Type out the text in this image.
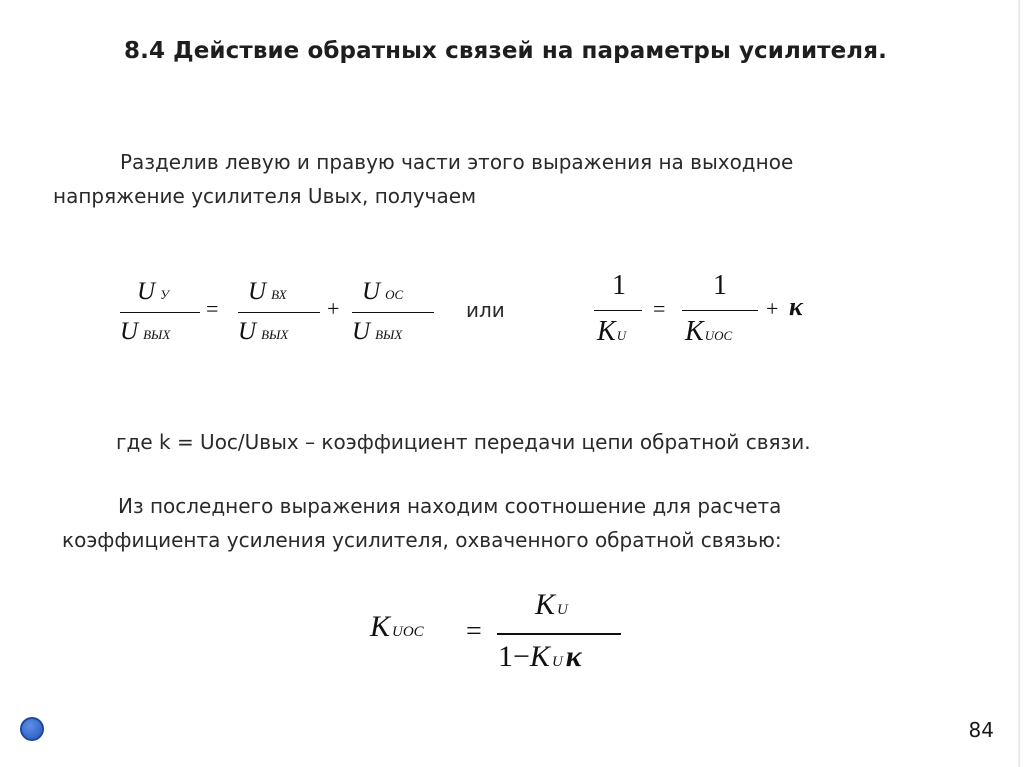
8.4 Действие обратных связей на параметры усилителя.
Разделив левую и правую части этого выражения на выходное
напряжение усилителя Uвых, получаем
U У
UВЫХ
=
UВХ
UВЫХ
+
UОС
UВЫХ
или
1
KU
=
1
KUОС
+ κ
где k = Uoc/Uвых – коэффициент передачи цепи обратной связи.
Из последнего выражения находим соотношение для расчета
коэффициента усиления усилителя, охваченного обратной связью:
KUОС =
K U
1−K U κ
84
